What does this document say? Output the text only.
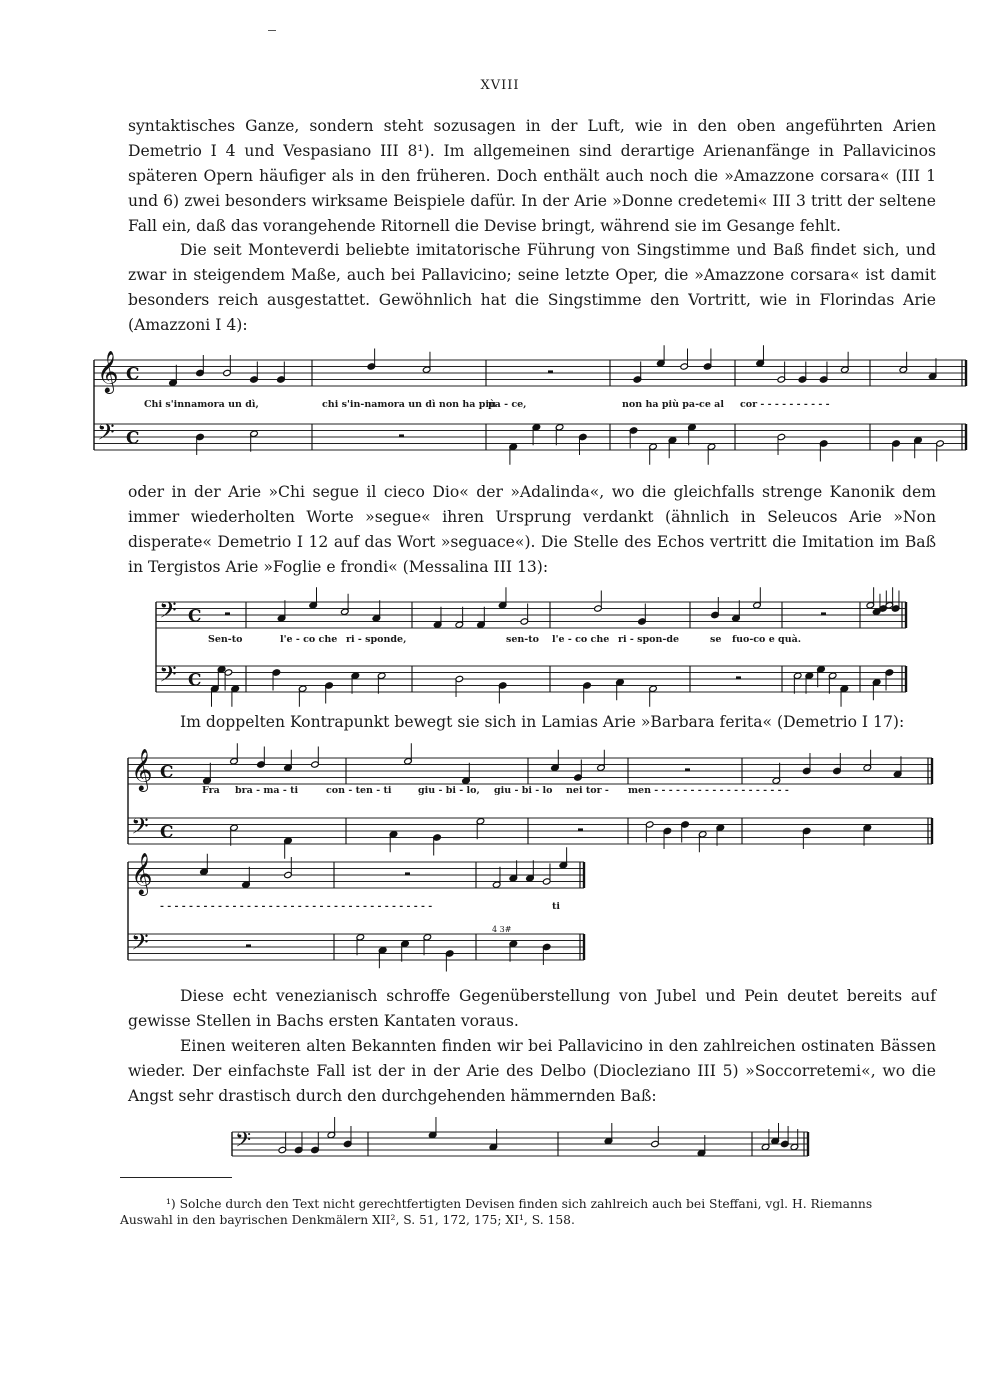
XVIII

syntaktisches Ganze, sondern steht sozusagen in der Luft, wie in den oben angeführten Arien Demetrio I 4 und Vespasiano III 8¹). Im allgemeinen sind derartige Arienanfänge in Pallavicinos späteren Opern häufiger als in den früheren. Doch enthält auch noch die »Amazzone corsara« (III 1 und 6) zwei besonders wirksame Beispiele dafür. In der Arie »Donne credetemi« III 3 tritt der seltene Fall ein, daß das vorangehende Ritornell die Devise bringt, während sie im Gesange fehlt.

Die seit Monteverdi beliebte imitatorische Führung von Singstimme und Baß findet sich, und zwar in steigendem Maße, auch bei Pallavicino; seine letzte Oper, die »Amazzone corsara« ist damit besonders reich ausgestattet. Gewöhnlich hat die Singstimme den Vortritt, wie in Florindas Arie (Amazzoni I 4):

𝄞 C
𝄢 C
Chi s'innamora un dì,	chi s'in-namora un dì non ha più
pa - ce,	non ha più pa-ce al cor - - - - - - - - - -

oder in der Arie »Chi segue il cieco Dio« der »Adalinda«, wo die gleichfalls strenge Kanonik dem immer wiederholten Worte »segue« ihren Ursprung verdankt (ähnlich in Seleucos Arie »Non disperate« Demetrio I 12 auf das Wort »seguace«). Die Stelle des Echos vertritt die Imitation im Baß in Tergistos Arie »Foglie e frondi« (Messalina III 13):

𝄢 C
𝄢 C
Sen-to	l'e - co che ri - sponde,	sen-to l'e - co che ri - spon-de	se fuo-co e quà.

Im doppelten Kontrapunkt bewegt sie sich in Lamias Arie »Barbara ferita« (Demetrio I 17):

𝄞 C
𝄢 C
Fra bra - ma - ti	con - ten - ti	giu - bi - lo, giu - bi - lo nei tor - men - - - - - - - - - - - - - - - - - - -
𝄞
𝄢
- - - - - - - - - - - - - - - - - - - - - - - - - - - - - - - - - - - - - -	ti
4 3#

Diese echt venezianisch schroffe Gegenüberstellung von Jubel und Pein deutet bereits auf gewisse Stellen in Bachs ersten Kantaten voraus.

Einen weiteren alten Bekannten finden wir bei Pallavicino in den zahlreichen ostinaten Bässen wieder. Der einfachste Fall ist der in der Arie des Delbo (Diocleziano III 5) »Soccorretemi«, wo die Angst sehr drastisch durch den durchgehenden hämmernden Baß:

𝄢
¹) Solche durch den Text nicht gerechtfertigten Devisen finden sich zahlreich auch bei Steffani, vgl. H. Riemanns
Auswahl in den bayrischen Denkmälern XII², S. 51, 172, 175; XI¹, S. 158.
